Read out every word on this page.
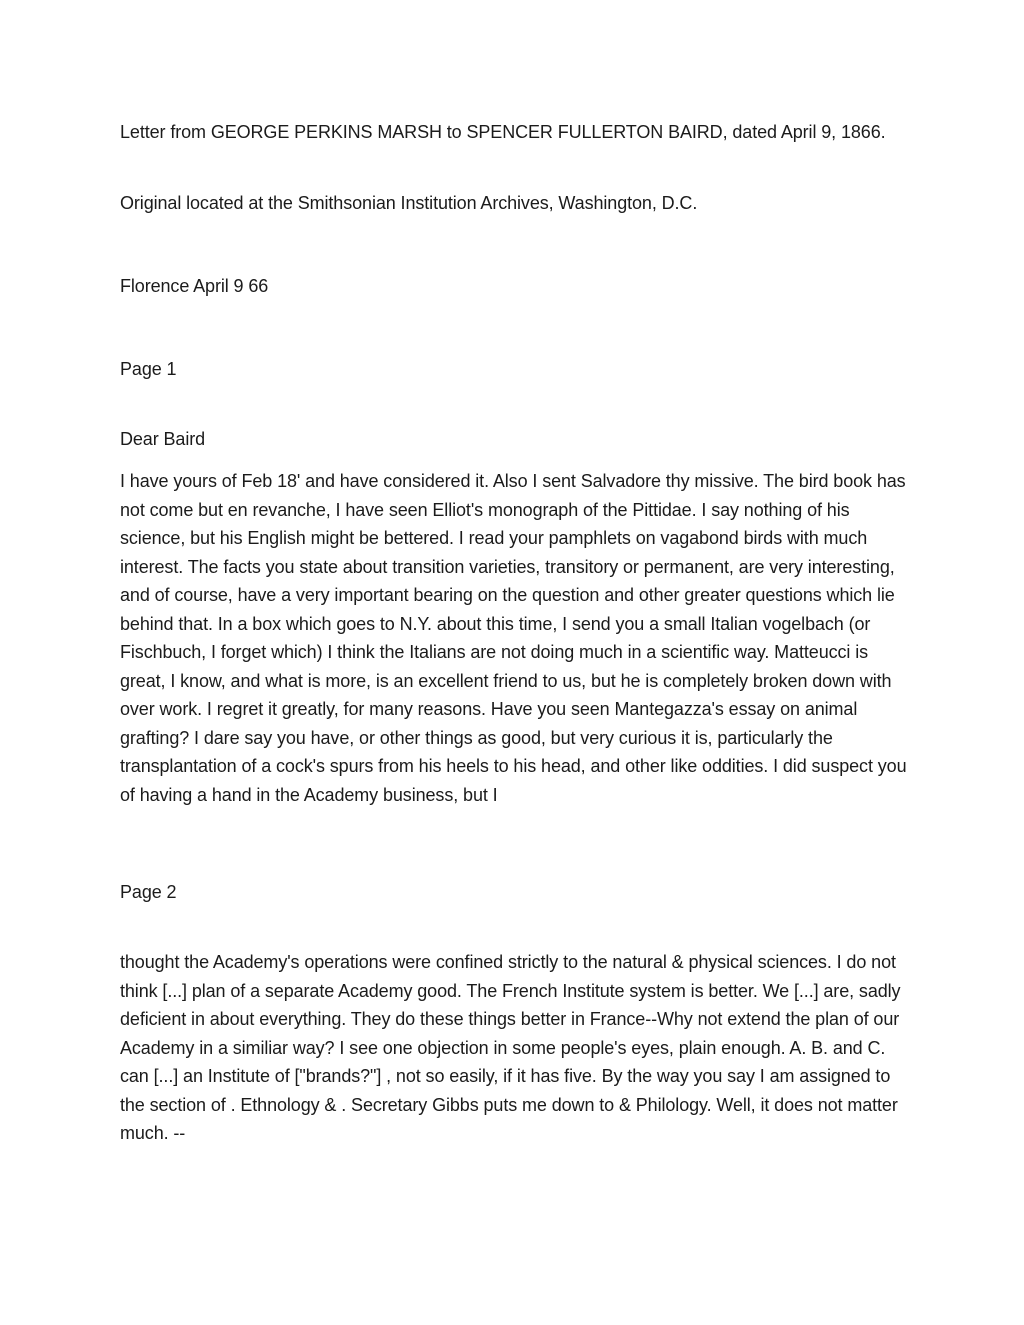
Letter from GEORGE PERKINS MARSH to SPENCER FULLERTON BAIRD, dated April 9, 1866.

Original located at the Smithsonian Institution Archives, Washington, D.C.

Florence April 9 66

Page 1

Dear Baird

I have yours of Feb 18' and have considered it. Also I sent Salvadore thy missive. The bird book has not come but en revanche, I have seen Elliot's monograph of the Pittidae. I say nothing of his science, but his English might be bettered. I read your pamphlets on vagabond birds with much interest. The facts you state about transition varieties, transitory or permanent, are very interesting, and of course, have a very important bearing on the question and other greater questions which lie behind that. In a box which goes to N.Y. about this time, I send you a small Italian vogelbach (or Fischbuch, I forget which) I think the Italians are not doing much in a scientific way. Matteucci is great, I know, and what is more, is an excellent friend to us, but he is completely broken down with over work. I regret it greatly, for many reasons. Have you seen Mantegazza's essay on animal grafting? I dare say you have, or other things as good, but very curious it is, particularly the transplantation of a cock's spurs from his heels to his head, and other like oddities. I did suspect you of having a hand in the Academy business, but I

Page 2

thought the Academy's operations were confined strictly to the natural & physical sciences. I do not think [...] plan of a separate Academy good. The French Institute system is better. We [...] are, sadly deficient in about everything. They do these things better in France--Why not extend the plan of our Academy in a similiar way? I see one objection in some people's eyes, plain enough. A. B. and C. can [...] an Institute of ["brands?"] , not so easily, if it has five. By the way you say I am assigned to the section of . Ethnology & . Secretary Gibbs puts me down to & Philology. Well, it does not matter much. --
